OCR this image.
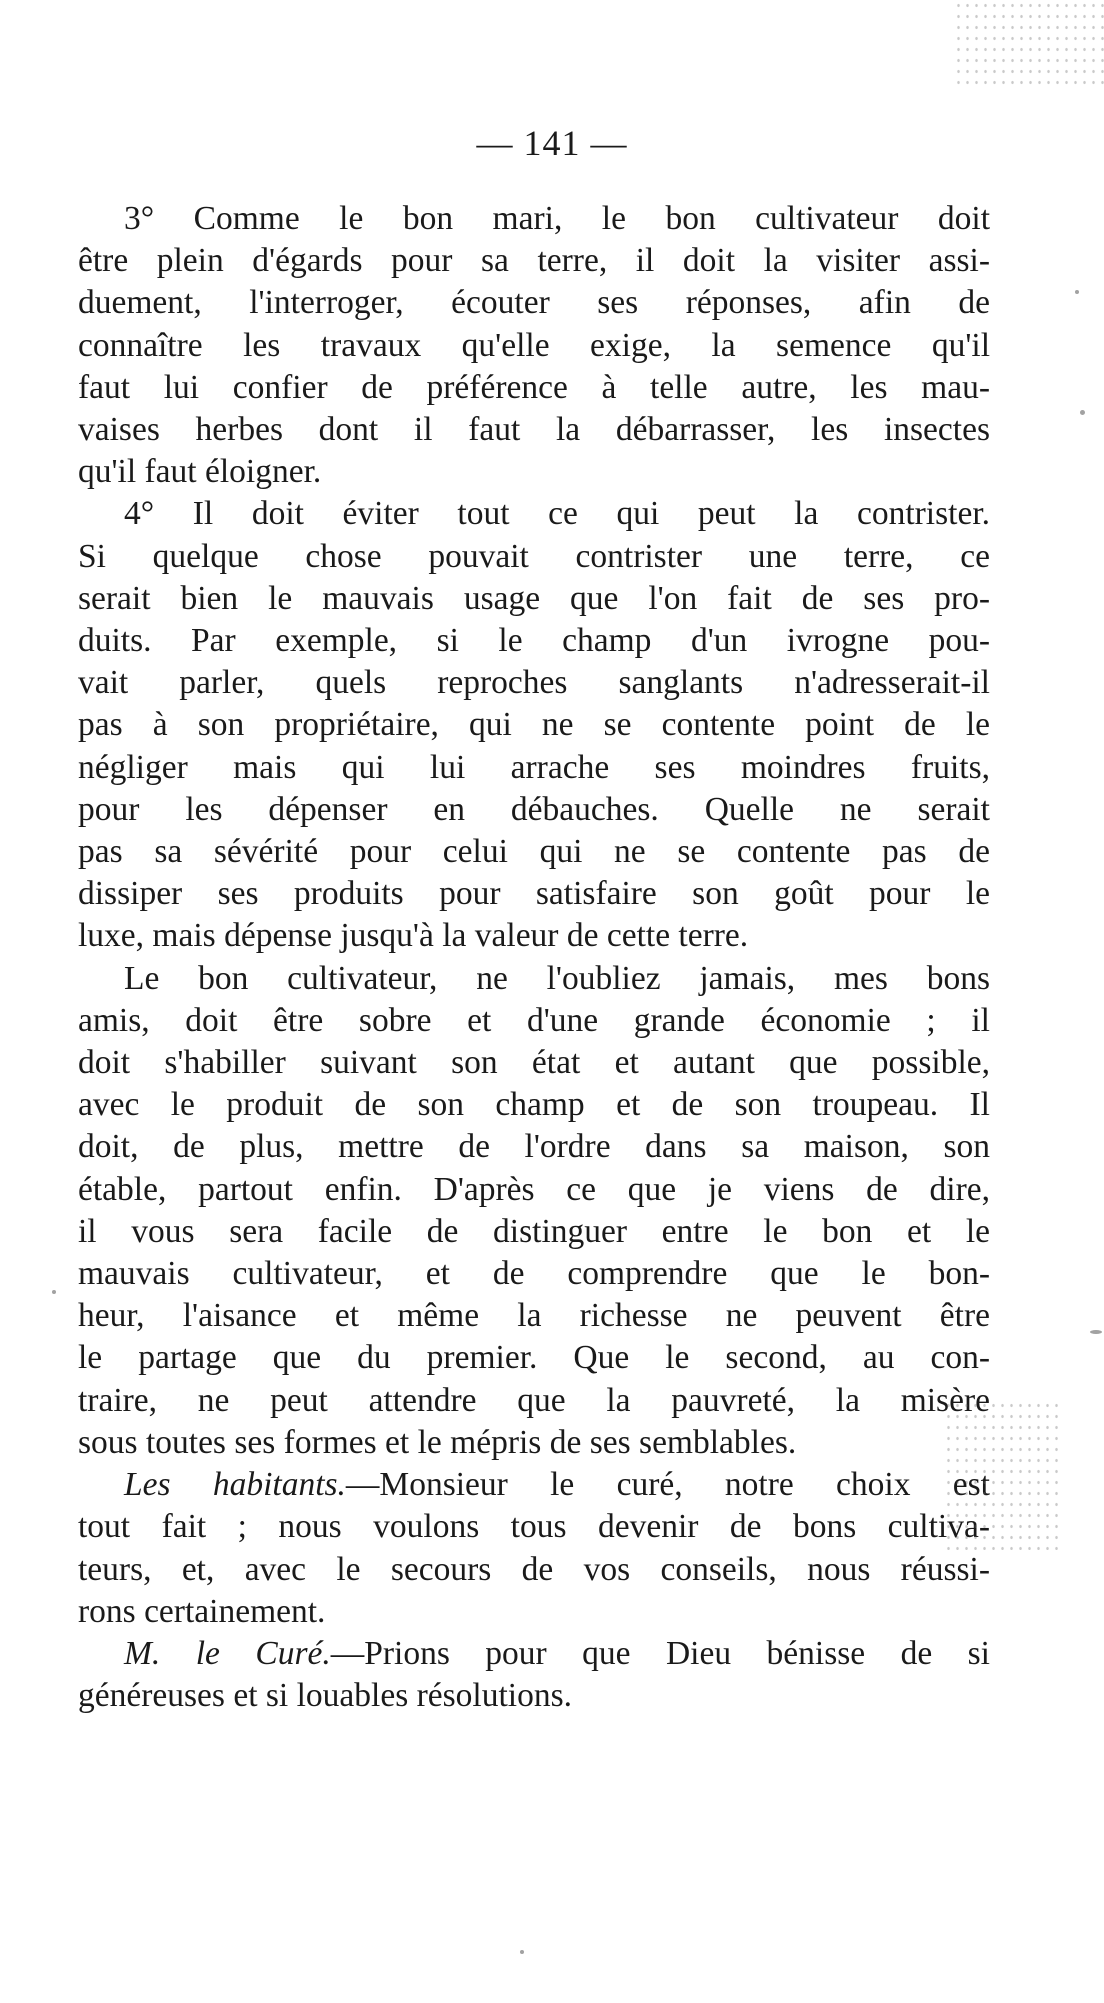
— 141 —
3° Comme le bon mari, le bon cultivateur doit
être plein d'égards pour sa terre, il doit la visiter assi-
duement, l'interroger, écouter ses réponses, afin de
connaître les travaux qu'elle exige, la semence qu'il
faut lui confier de préférence à telle autre, les mau-
vaises herbes dont il faut la débarrasser, les insectes
qu'il faut éloigner.
4° Il doit éviter tout ce qui peut la contrister.
Si quelque chose pouvait contrister une terre, ce
serait bien le mauvais usage que l'on fait de ses pro-
duits. Par exemple, si le champ d'un ivrogne pou-
vait parler, quels reproches sanglants n'adresserait-il
pas à son propriétaire, qui ne se contente point de le
négliger mais qui lui arrache ses moindres fruits,
pour les dépenser en débauches. Quelle ne serait
pas sa sévérité pour celui qui ne se contente pas de
dissiper ses produits pour satisfaire son goût pour le
luxe, mais dépense jusqu'à la valeur de cette terre.
Le bon cultivateur, ne l'oubliez jamais, mes bons
amis, doit être sobre et d'une grande économie ; il
doit s'habiller suivant son état et autant que possible,
avec le produit de son champ et de son troupeau. Il
doit, de plus, mettre de l'ordre dans sa maison, son
étable, partout enfin. D'après ce que je viens de dire,
il vous sera facile de distinguer entre le bon et le
mauvais cultivateur, et de comprendre que le bon-
heur, l'aisance et même la richesse ne peuvent être
le partage que du premier. Que le second, au con-
traire, ne peut attendre que la pauvreté, la misère
sous toutes ses formes et le mépris de ses semblables.
Les habitants.—Monsieur le curé, notre choix est
tout fait ; nous voulons tous devenir de bons cultiva-
teurs, et, avec le secours de vos conseils, nous réussi-
rons certainement.
M. le Curé.—Prions pour que Dieu bénisse de si
généreuses et si louables résolutions.
